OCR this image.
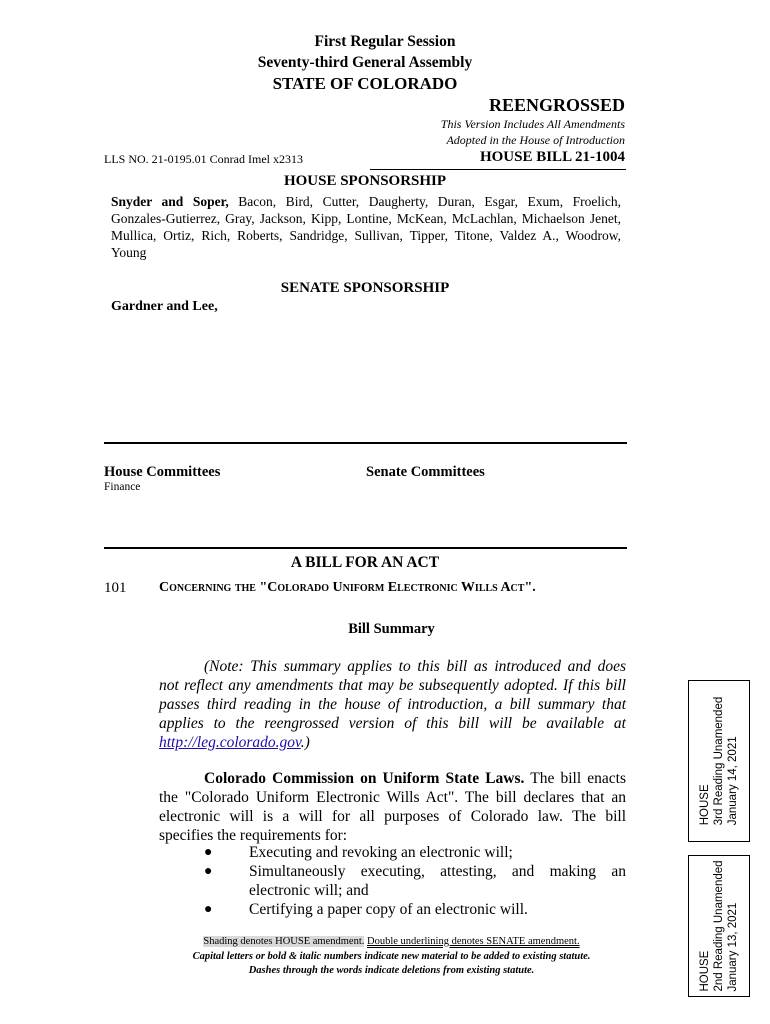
First Regular Session
Seventy-third General Assembly
STATE OF COLORADO
REENGROSSED
This Version Includes All Amendments
Adopted in the House of Introduction
LLS NO. 21-0195.01 Conrad Imel x2313	HOUSE BILL 21-1004
HOUSE SPONSORSHIP
Snyder and Soper, Bacon, Bird, Cutter, Daugherty, Duran, Esgar, Exum, Froelich,
Gonzales-Gutierrez, Gray, Jackson, Kipp, Lontine, McKean, McLachlan, Michaelson Jenet,
Mullica, Ortiz, Rich, Roberts, Sandridge, Sullivan, Tipper, Titone, Valdez A., Woodrow,
Young
SENATE SPONSORSHIP
Gardner and Lee,
House Committees
Finance
Senate Committees
A BILL FOR AN ACT
101 Concerning the "Colorado Uniform Electronic Wills Act".
Bill Summary
(Note: This summary applies to this bill as introduced and does
not reflect any amendments that may be subsequently adopted. If this bill
passes third reading in the house of introduction, a bill summary that
applies to the reengrossed version of this bill will be available at
http://leg.colorado.gov.)
Colorado Commission on Uniform State Laws. The bill enacts
the "Colorado Uniform Electronic Wills Act". The bill declares that an
electronic will is a will for all purposes of Colorado law. The bill
specifies the requirements for:
● Executing and revoking an electronic will;
● Simultaneously executing, attesting, and making an
electronic will; and
● Certifying a paper copy of an electronic will.
Shading denotes HOUSE amendment. Double underlining denotes SENATE amendment.
Capital letters or bold & italic numbers indicate new material to be added to existing statute.
Dashes through the words indicate deletions from existing statute.
HOUSE 3rd Reading Unamended January 14, 2021
HOUSE 2nd Reading Unamended January 13, 2021
